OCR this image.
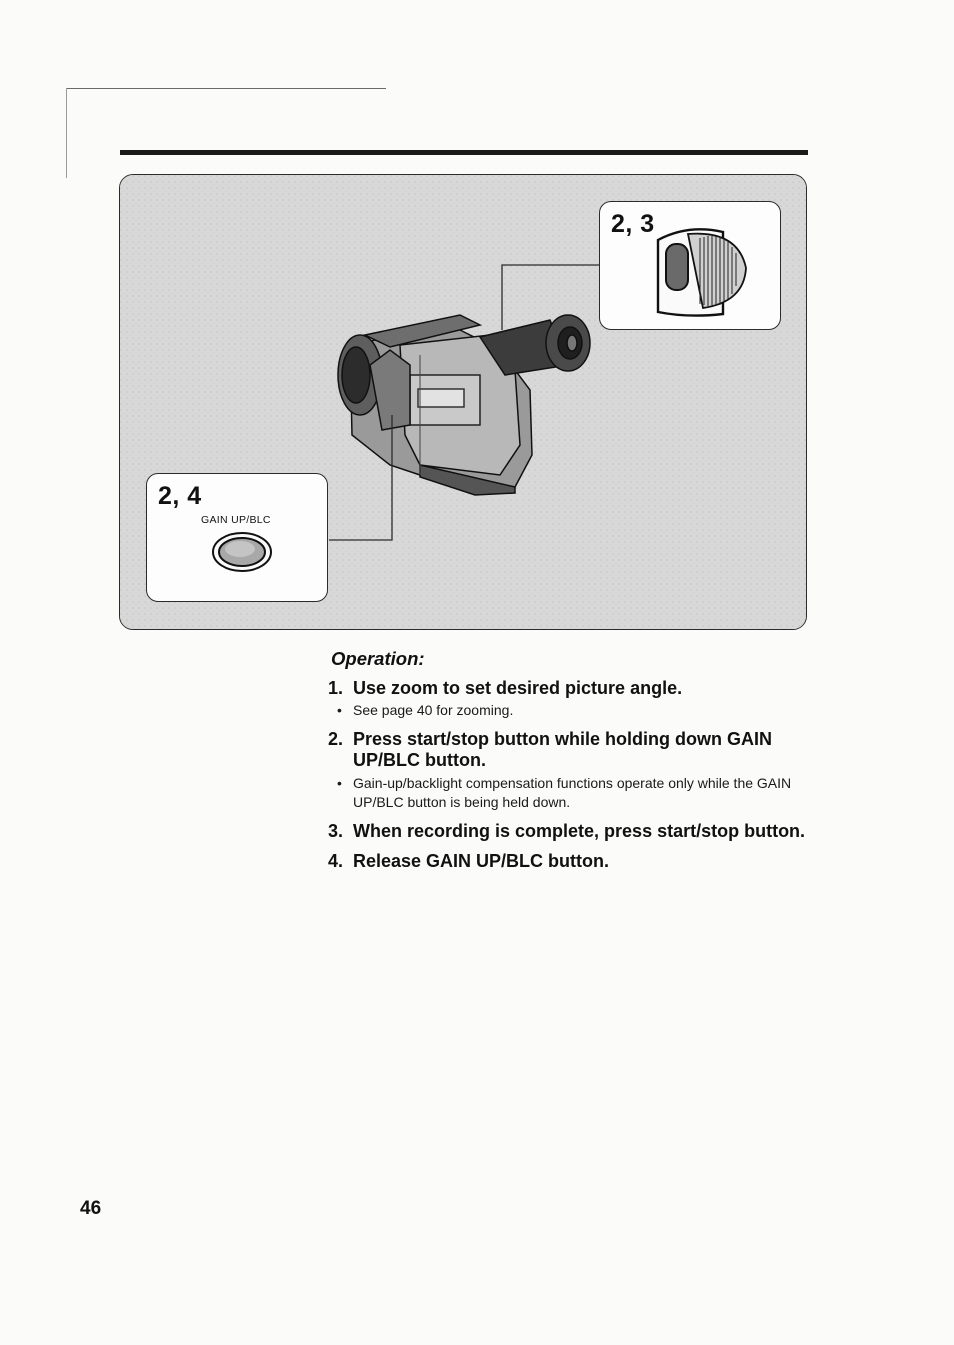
2, 3
2, 4
GAIN UP/BLC
Operation:
1. Use zoom to set desired picture angle.
• See page 40 for zooming.
2. Press start/stop button while holding down GAIN UP/BLC button.
• Gain-up/backlight compensation functions operate only while the GAIN UP/BLC button is being held down.
3. When recording is complete, press start/stop button.
4. Release GAIN UP/BLC button.
46
